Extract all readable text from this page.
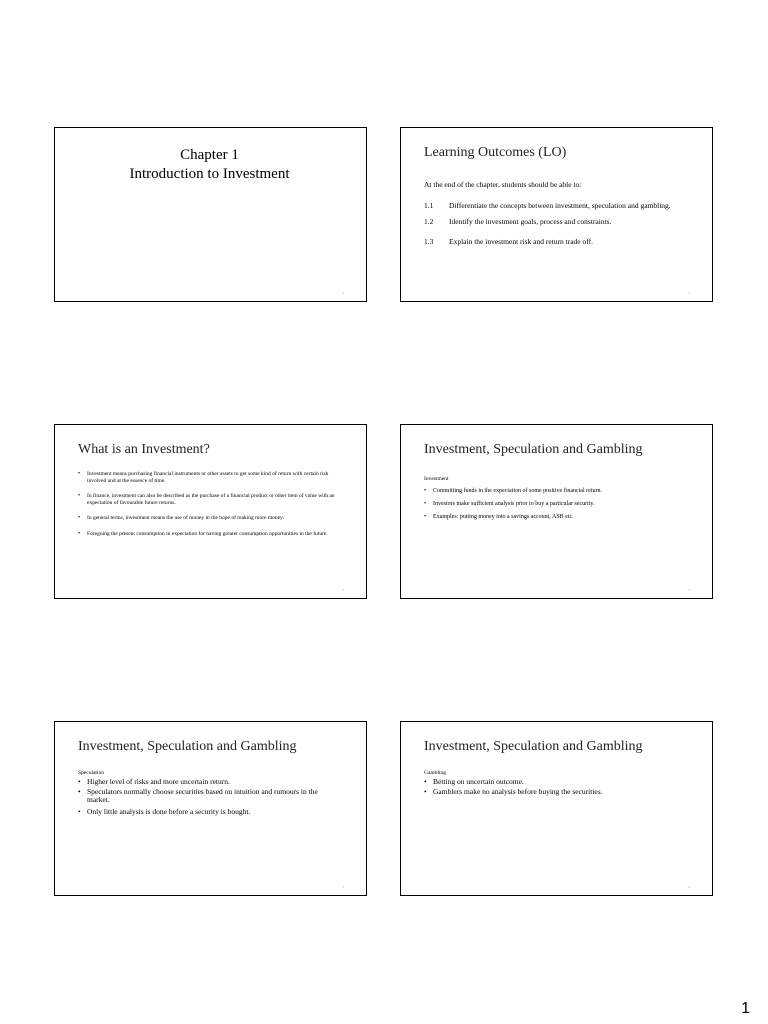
Chapter 1
Introduction to Investment
1
Learning Outcomes (LO)
At the end of the chapter, students should be able to:
1.1	Differentiate the concepts between investment, speculation and gambling.
1.2	Identify the investment goals, process and constraints.
1.3	Explain the investment risk and return trade off.
2
What is an Investment?
• Investment means purchasing financial instruments or other assets to get some kind of return with certain risk involved and at the essence of time.
• In finance, investment can also be described as the purchase of a financial product or other item of value with an expectation of favourable future returns.
• In general terms, investment means the use of money in the hope of making more money.
• Foregoing the present consumption in expectation for having greater consumption opportunities in the future.
3
Investment, Speculation and Gambling
Investment
• Committing funds in the expectation of some positive financial return.
• Investors make sufficient analysis prior to buy a particular security.
• Examples: putting money into a savings account, ASB etc.
4
Investment, Speculation and Gambling
Speculation
• Higher level of risks and more uncertain return.
• Speculators normally choose securities based on intuition and rumours in the market.
• Only little analysis is done before a security is bought.
5
Investment, Speculation and Gambling
Gambling
• Betting on uncertain outcome.
• Gamblers make no analysis before buying the securities.
6
1
